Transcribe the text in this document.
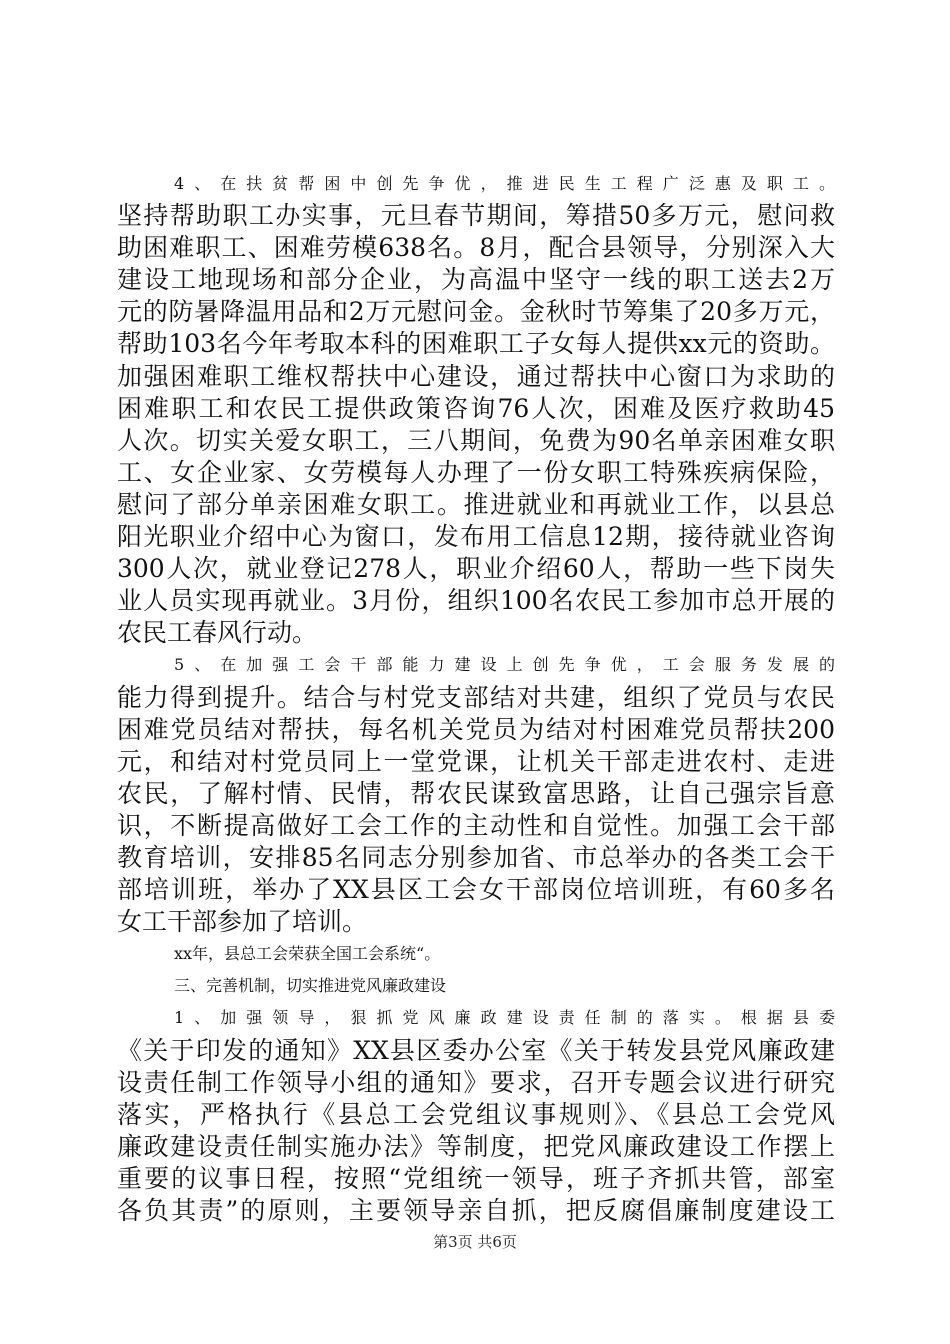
4、在扶贫帮困中创先争优，推进民生工程广泛惠及职工。
坚持帮助职工办实事，元旦春节期间，筹措50多万元，慰问救
助困难职工、困难劳模638名。8月，配合县领导，分别深入大
建设工地现场和部分企业，为高温中坚守一线的职工送去2万
元的防暑降温用品和2万元慰问金。金秋时节筹集了20多万元，
帮助103名今年考取本科的困难职工子女每人提供xx元的资助。
加强困难职工维权帮扶中心建设，通过帮扶中心窗口为求助的
困难职工和农民工提供政策咨询76人次，困难及医疗救助45
人次。切实关爱女职工，三八期间，免费为90名单亲困难女职
工、女企业家、女劳模每人办理了一份女职工特殊疾病保险，
慰问了部分单亲困难女职工。推进就业和再就业工作，以县总
阳光职业介绍中心为窗口，发布用工信息12期，接待就业咨询
300人次，就业登记278人，职业介绍60人，帮助一些下岗失
业人员实现再就业。3月份，组织100名农民工参加市总开展的
农民工春风行动。
5、在加强工会干部能力建设上创先争优，工会服务发展的
能力得到提升。结合与村党支部结对共建，组织了党员与农民
困难党员结对帮扶，每名机关党员为结对村困难党员帮扶200
元，和结对村党员同上一堂党课，让机关干部走进农村、走进
农民，了解村情、民情，帮农民谋致富思路，让自己强宗旨意
识，不断提高做好工会工作的主动性和自觉性。加强工会干部
教育培训，安排85名同志分别参加省、市总举办的各类工会干
部培训班，举办了XX县区工会女干部岗位培训班，有60多名
女工干部参加了培训。
xx年，县总工会荣获全国工会系统“。
三、完善机制，切实推进党风廉政建设
1、加强领导，狠抓党风廉政建设责任制的落实。根据县委
《关于印发的通知》XX县区委办公室《关于转发县党风廉政建
设责任制工作领导小组的通知》要求，召开专题会议进行研究
落实，严格执行《县总工会党组议事规则》、《县总工会党风
廉政建设责任制实施办法》等制度，把党风廉政建设工作摆上
重要的议事日程，按照“党组统一领导，班子齐抓共管，部室
各负其责”的原则，主要领导亲自抓，把反腐倡廉制度建设工
第3页 共6页
